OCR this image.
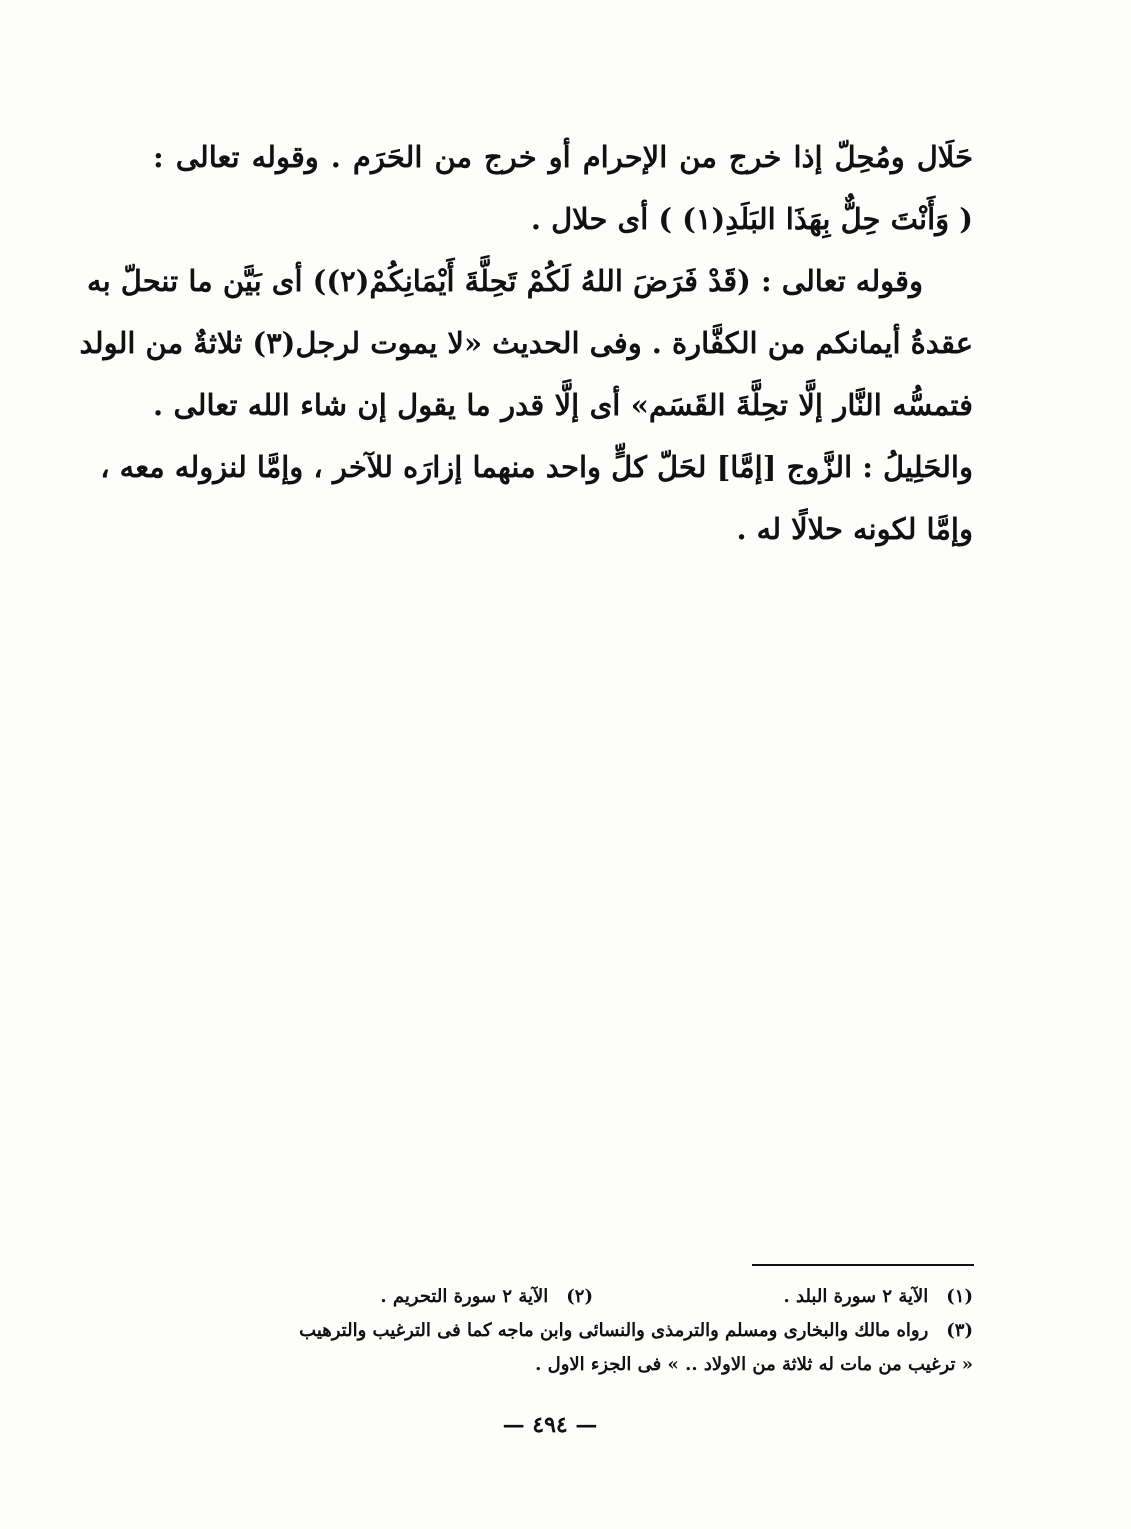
حَلَال ومُحِلّ إذا خرج من الإحرام أو خرج من الحَرَم . وقوله تعالى :
( وَأَنْتَ حِلٌّ بِهَذَا البَلَدِ(١) ) أى حلال .
وقوله تعالى : (قَدْ فَرَضَ اللهُ لَكُمْ تَحِلَّةَ أَيْمَانِكُمْ(٢)) أى بَيَّن ما تنحلّ به
عقدةُ أيمانكم من الكفَّارة . وفى الحديث «لا يموت لرجل(٣) ثلاثةٌ من الولد
فتمسُّه النَّار إلَّا تحِلَّةَ القَسَم» أى إلَّا قدر ما يقول إن شاء الله تعالى .
والحَلِيلُ : الزَّوج [إمَّا] لحَلّ كلٍّ واحد منهما إزارَه للآخر ، وإمَّا لنزوله معه ،
وإمَّا لكونه حلالًا له .
(١)الآية ٢ سورة البلد .
(٢)الآية ٢ سورة التحريم .
(٣)رواه مالك والبخارى ومسلم والترمذى والنسائى وابن ماجه كما فى الترغيب والترهيب
« ترغيب من مات له ثلاثة من الاولاد .. » فى الجزء الاول .
— ٤٩٤ —
